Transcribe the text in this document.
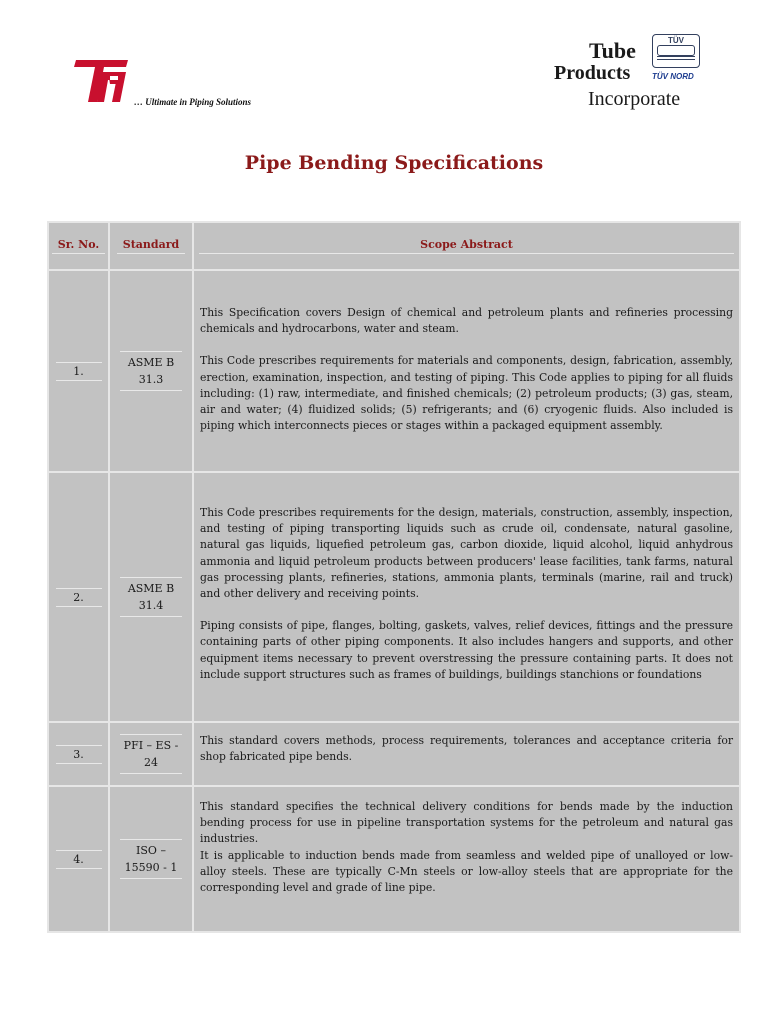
… Ultimate in Piping Solutions
Tube
Products
Incorporate
TÜV
TÜV NORD
Pipe Bending Specifications
Sr. No.	Standard	Scope Abstract

1.	ASME B 31.3	This Specification covers Design of chemical and petroleum plants and refineries processing chemicals and hydrocarbons, water and steam.

This Code prescribes requirements for materials and components, design, fabrication, assembly, erection, examination, inspection, and testing of piping. This Code applies to piping for all fluids including: (1) raw, intermediate, and finished chemicals; (2) petroleum products; (3) gas, steam, air and water; (4) fluidized solids; (5) refrigerants; and (6) cryogenic fluids. Also included is piping which interconnects pieces or stages within a packaged equipment assembly.

2.	ASME B 31.4	This Code prescribes requirements for the design, materials, construction, assembly, inspection, and testing of piping transporting liquids such as crude oil, condensate, natural gasoline, natural gas liquids, liquefied petroleum gas, carbon dioxide, liquid alcohol, liquid anhydrous ammonia and liquid petroleum products between producers' lease facilities, tank farms, natural gas processing plants, refineries, stations, ammonia plants, terminals (marine, rail and truck) and other delivery and receiving points.

Piping consists of pipe, flanges, bolting, gaskets, valves, relief devices, fittings and the pressure containing parts of other piping components. It also includes hangers and supports, and other equipment items necessary to prevent overstressing the pressure containing parts. It does not include support structures such as frames of buildings, buildings stanchions or foundations

3.	PFI – ES - 24	This standard covers methods, process requirements, tolerances and acceptance criteria for shop fabricated pipe bends.

4.	ISO – 15590 - 1	This standard specifies the technical delivery conditions for bends made by the induction bending process for use in pipeline transportation systems for the petroleum and natural gas industries.
It is applicable to induction bends made from seamless and welded pipe of unalloyed or low-alloy steels. These are typically C-Mn steels or low-alloy steels that are appropriate for the corresponding level and grade of line pipe.
